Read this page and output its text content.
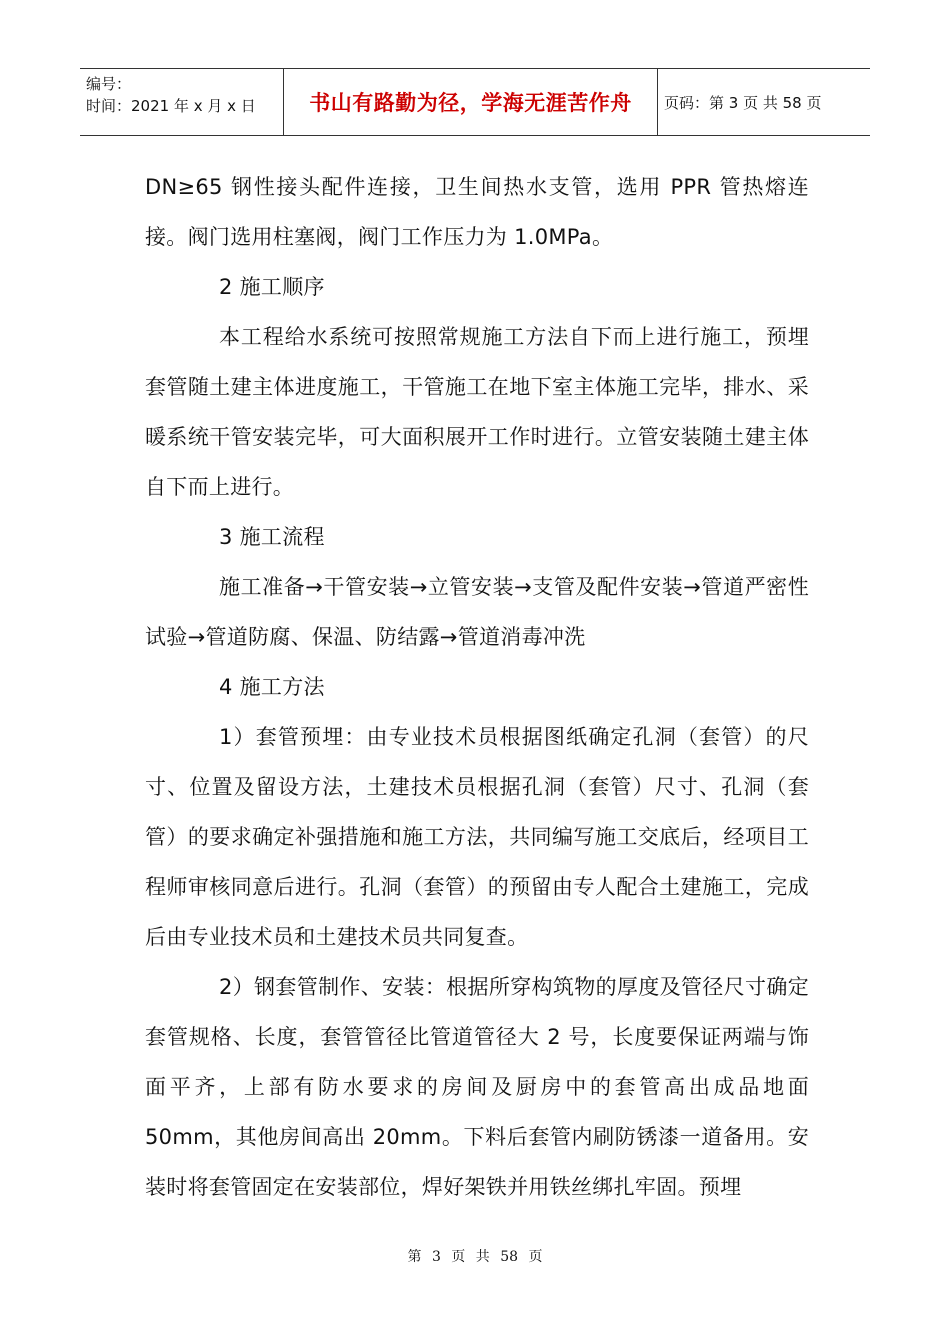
编号：
时间：2021 年 x 月 x 日	书山有路勤为径，学海无涯苦作舟	页码：第 3 页 共 58 页

DN≥65 钢性接头配件连接，卫生间热水支管，选用 PPR 管热熔连接。阀门选用柱塞阀，阀门工作压力为 1.0MPa。

2 施工顺序

本工程给水系统可按照常规施工方法自下而上进行施工，预埋套管随土建主体进度施工，干管施工在地下室主体施工完毕，排水、采暖系统干管安装完毕，可大面积展开工作时进行。立管安装随土建主体自下而上进行。

3 施工流程

施工准备→干管安装→立管安装→支管及配件安装→管道严密性试验→管道防腐、保温、防结露→管道消毒冲洗

4 施工方法

1）套管预埋：由专业技术员根据图纸确定孔洞（套管）的尺寸、位置及留设方法，土建技术员根据孔洞（套管）尺寸、孔洞（套管）的要求确定补强措施和施工方法，共同编写施工交底后，经项目工程师审核同意后进行。孔洞（套管）的预留由专人配合土建施工，完成后由专业技术员和土建技术员共同复查。

2）钢套管制作、安装：根据所穿构筑物的厚度及管径尺寸确定套管规格、长度，套管管径比管道管径大 2 号，长度要保证两端与饰面平齐，上部有防水要求的房间及厨房中的套管高出成品地面 50mm，其他房间高出 20mm。下料后套管内刷防锈漆一道备用。安装时将套管固定在安装部位，焊好架铁并用铁丝绑扎牢固。预埋

第 3 页 共 58 页
